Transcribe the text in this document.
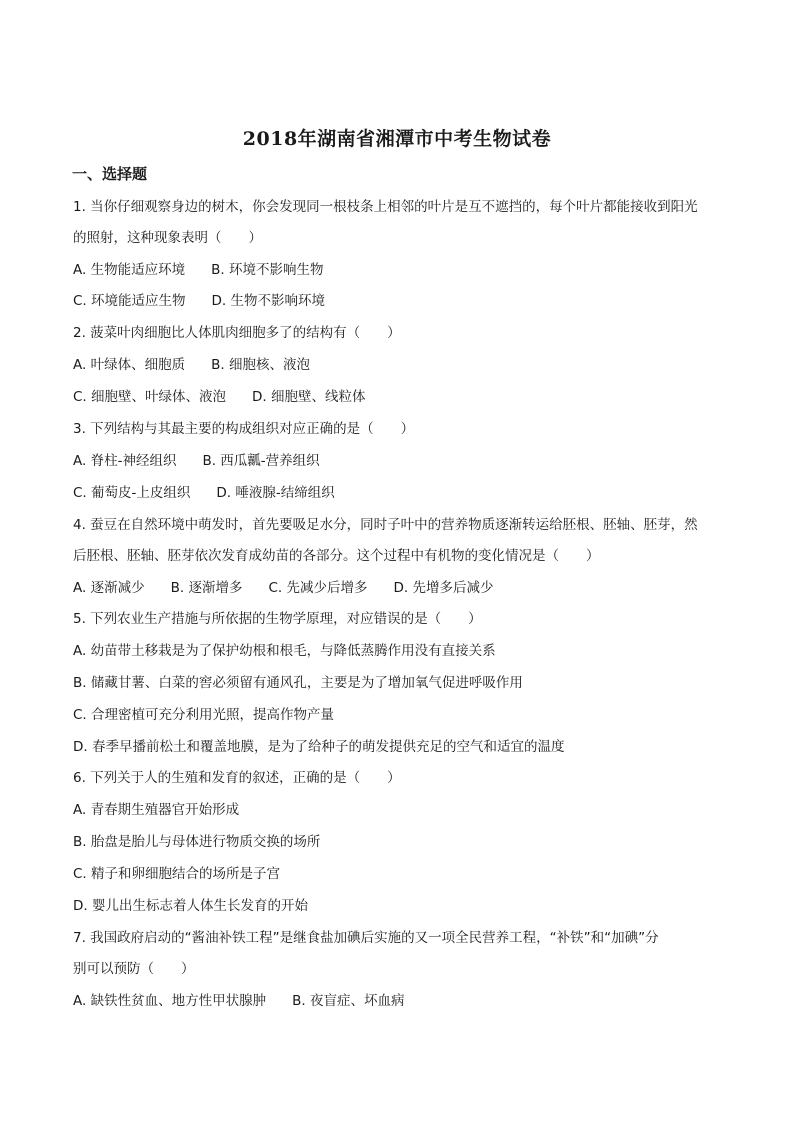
2018年湖南省湘潭市中考生物试卷
一、选择题
1. 当你仔细观察身边的树木，你会发现同一根枝条上相邻的叶片是互不遮挡的，每个叶片都能接收到阳光
的照射，这种现象表明（　　）
A. 生物能适应环境 B. 环境不影响生物
C. 环境能适应生物 D. 生物不影响环境
2. 菠菜叶肉细胞比人体肌肉细胞多了的结构有（　　）
A. 叶绿体、细胞质 B. 细胞核、液泡
C. 细胞壁、叶绿体、液泡 D. 细胞壁、线粒体
3. 下列结构与其最主要的构成组织对应正确的是（　　）
A. 脊柱-神经组织 B. 西瓜瓤-营养组织
C. 葡萄皮-上皮组织 D. 唾液腺-结缔组织
4. 蚕豆在自然环境中萌发时，首先要吸足水分，同时子叶中的营养物质逐渐转运给胚根、胚轴、胚芽，然
后胚根、胚轴、胚芽依次发育成幼苗的各部分。这个过程中有机物的变化情况是（　　）
A. 逐渐减少 B. 逐渐增多 C. 先减少后增多 D. 先增多后减少
5. 下列农业生产措施与所依据的生物学原理，对应错误的是（　　）
A. 幼苗带土移栽是为了保护幼根和根毛，与降低蒸腾作用没有直接关系
B. 储藏甘薯、白菜的窖必须留有通风孔，主要是为了增加氧气促进呼吸作用
C. 合理密植可充分利用光照，提高作物产量
D. 春季早播前松土和覆盖地膜，是为了给种子的萌发提供充足的空气和适宜的温度
6. 下列关于人的生殖和发育的叙述，正确的是（　　）
A. 青春期生殖器官开始形成
B. 胎盘是胎儿与母体进行物质交换的场所
C. 精子和卵细胞结合的场所是子宫
D. 婴儿出生标志着人体生长发育的开始
7. 我国政府启动的“酱油补铁工程”是继食盐加碘后实施的又一项全民营养工程，“补铁”和“加碘”分
别可以预防（　　）
A. 缺铁性贫血、地方性甲状腺肿 B. 夜盲症、坏血病
